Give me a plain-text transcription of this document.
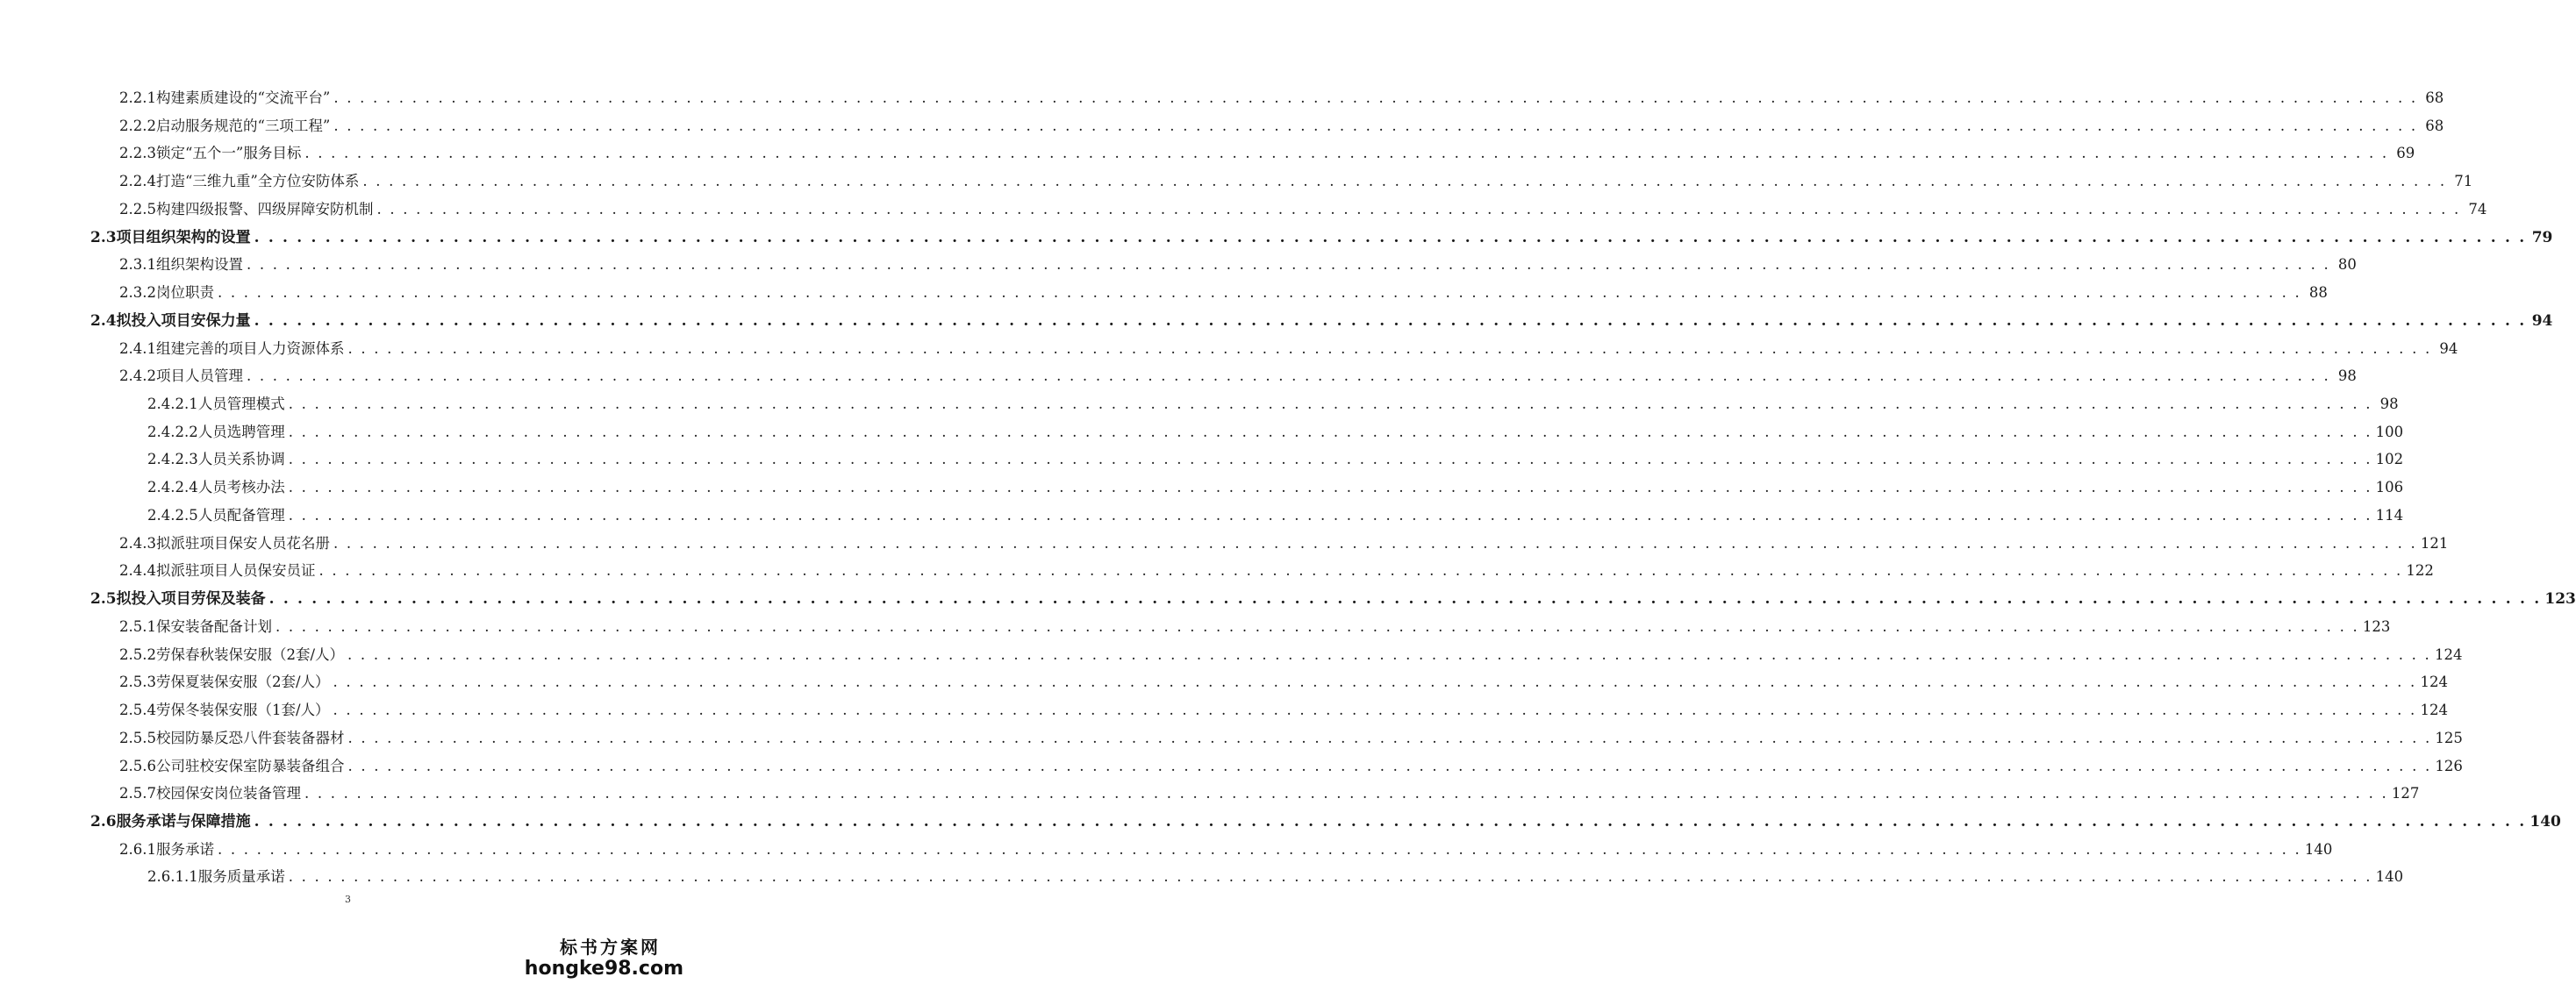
2.2.1构建素质建设的“交流平台” . . . . . . . . . . . . . . . . . . . . . . . . . . . . . . . . . . . . . . . . . . . . . . . . . . . . . . . . . . . . . . . . . . . . . . . . . . . . . . . . . . . . . . . . . . . . . . . . . . . . . . . . . . . . . . . . . . . . . . . . . . . . . . . . . . . . . . . . . . . . . . . . . . . . . . . . . . . . . . . . 68
2.2.2启动服务规范的“三项工程” . . . . . . . . . . . . . . . . . . . . . . . . . . . . . . . . . . . . . . . . . . . . . . . . . . . . . . . . . . . . . . . . . . . . . . . . . . . . . . . . . . . . . . . . . . . . . . . . . . . . . . . . . . . . . . . . . . . . . . . . . . . . . . . . . . . . . . . . . . . . . . . . . . . . . . . . . . . . . . . . 68
2.2.3锁定“五个一”服务目标 . . . . . . . . . . . . . . . . . . . . . . . . . . . . . . . . . . . . . . . . . . . . . . . . . . . . . . . . . . . . . . . . . . . . . . . . . . . . . . . . . . . . . . . . . . . . . . . . . . . . . . . . . . . . . . . . . . . . . . . . . . . . . . . . . . . . . . . . . . . . . . . . . . . . . . . . . . . . . . . . 69
2.2.4打造“三维九重”全方位安防体系 . . . . . . . . . . . . . . . . . . . . . . . . . . . . . . . . . . . . . . . . . . . . . . . . . . . . . . . . . . . . . . . . . . . . . . . . . . . . . . . . . . . . . . . . . . . . . . . . . . . . . . . . . . . . . . . . . . . . . . . . . . . . . . . . . . . . . . . . . . . . . . . . . . . . . . . . . . . . . . . . 71
2.2.5构建四级报警、四级屏障安防机制 . . . . . . . . . . . . . . . . . . . . . . . . . . . . . . . . . . . . . . . . . . . . . . . . . . . . . . . . . . . . . . . . . . . . . . . . . . . . . . . . . . . . . . . . . . . . . . . . . . . . . . . . . . . . . . . . . . . . . . . . . . . . . . . . . . . . . . . . . . . . . . . . . . . . . . . . . . . . . . . . 74
2.3项目组织架构的设置 . . . . . . . . . . . . . . . . . . . . . . . . . . . . . . . . . . . . . . . . . . . . . . . . . . . . . . . . . . . . . . . . . . . . . . . . . . . . . . . . . . . . . . . . . . . . . . . . . . . . . . . . . . . . . . . . . . . . . . . . . . . . . . . . . . . . . . . . . . . . . . . . . . . . . . . . . . . . . . . . 79
2.3.1组织架构设置 . . . . . . . . . . . . . . . . . . . . . . . . . . . . . . . . . . . . . . . . . . . . . . . . . . . . . . . . . . . . . . . . . . . . . . . . . . . . . . . . . . . . . . . . . . . . . . . . . . . . . . . . . . . . . . . . . . . . . . . . . . . . . . . . . . . . . . . . . . . . . . . . . . . . . . . . . . . . . . . . 80
2.3.2岗位职责 . . . . . . . . . . . . . . . . . . . . . . . . . . . . . . . . . . . . . . . . . . . . . . . . . . . . . . . . . . . . . . . . . . . . . . . . . . . . . . . . . . . . . . . . . . . . . . . . . . . . . . . . . . . . . . . . . . . . . . . . . . . . . . . . . . . . . . . . . . . . . . . . . . . . . . . . . . . . . . . . 88
2.4拟投入项目安保力量 . . . . . . . . . . . . . . . . . . . . . . . . . . . . . . . . . . . . . . . . . . . . . . . . . . . . . . . . . . . . . . . . . . . . . . . . . . . . . . . . . . . . . . . . . . . . . . . . . . . . . . . . . . . . . . . . . . . . . . . . . . . . . . . . . . . . . . . . . . . . . . . . . . . . . . . . . . . . . . . . 94
2.4.1组建完善的项目人力资源体系 . . . . . . . . . . . . . . . . . . . . . . . . . . . . . . . . . . . . . . . . . . . . . . . . . . . . . . . . . . . . . . . . . . . . . . . . . . . . . . . . . . . . . . . . . . . . . . . . . . . . . . . . . . . . . . . . . . . . . . . . . . . . . . . . . . . . . . . . . . . . . . . . . . . . . . . . . . . . . . . . 94
2.4.2项目人员管理 . . . . . . . . . . . . . . . . . . . . . . . . . . . . . . . . . . . . . . . . . . . . . . . . . . . . . . . . . . . . . . . . . . . . . . . . . . . . . . . . . . . . . . . . . . . . . . . . . . . . . . . . . . . . . . . . . . . . . . . . . . . . . . . . . . . . . . . . . . . . . . . . . . . . . . . . . . . . . . . . 98
2.4.2.1人员管理模式 . . . . . . . . . . . . . . . . . . . . . . . . . . . . . . . . . . . . . . . . . . . . . . . . . . . . . . . . . . . . . . . . . . . . . . . . . . . . . . . . . . . . . . . . . . . . . . . . . . . . . . . . . . . . . . . . . . . . . . . . . . . . . . . . . . . . . . . . . . . . . . . . . . . . . . . . . . . . . . . . 98
2.4.2.2人员选聘管理 . . . . . . . . . . . . . . . . . . . . . . . . . . . . . . . . . . . . . . . . . . . . . . . . . . . . . . . . . . . . . . . . . . . . . . . . . . . . . . . . . . . . . . . . . . . . . . . . . . . . . . . . . . . . . . . . . . . . . . . . . . . . . . . . . . . . . . . . . . . . . . . . . . . . . . . . . . . . . . . . 100
2.4.2.3人员关系协调 . . . . . . . . . . . . . . . . . . . . . . . . . . . . . . . . . . . . . . . . . . . . . . . . . . . . . . . . . . . . . . . . . . . . . . . . . . . . . . . . . . . . . . . . . . . . . . . . . . . . . . . . . . . . . . . . . . . . . . . . . . . . . . . . . . . . . . . . . . . . . . . . . . . . . . . . . . . . . . . . 102
2.4.2.4人员考核办法 . . . . . . . . . . . . . . . . . . . . . . . . . . . . . . . . . . . . . . . . . . . . . . . . . . . . . . . . . . . . . . . . . . . . . . . . . . . . . . . . . . . . . . . . . . . . . . . . . . . . . . . . . . . . . . . . . . . . . . . . . . . . . . . . . . . . . . . . . . . . . . . . . . . . . . . . . . . . . . . . 106
2.4.2.5人员配备管理 . . . . . . . . . . . . . . . . . . . . . . . . . . . . . . . . . . . . . . . . . . . . . . . . . . . . . . . . . . . . . . . . . . . . . . . . . . . . . . . . . . . . . . . . . . . . . . . . . . . . . . . . . . . . . . . . . . . . . . . . . . . . . . . . . . . . . . . . . . . . . . . . . . . . . . . . . . . . . . . . 114
2.4.3拟派驻项目保安人员花名册 . . . . . . . . . . . . . . . . . . . . . . . . . . . . . . . . . . . . . . . . . . . . . . . . . . . . . . . . . . . . . . . . . . . . . . . . . . . . . . . . . . . . . . . . . . . . . . . . . . . . . . . . . . . . . . . . . . . . . . . . . . . . . . . . . . . . . . . . . . . . . . . . . . . . . . . . . . . . . . . . 121
2.4.4拟派驻项目人员保安员证 . . . . . . . . . . . . . . . . . . . . . . . . . . . . . . . . . . . . . . . . . . . . . . . . . . . . . . . . . . . . . . . . . . . . . . . . . . . . . . . . . . . . . . . . . . . . . . . . . . . . . . . . . . . . . . . . . . . . . . . . . . . . . . . . . . . . . . . . . . . . . . . . . . . . . . . . . . . . . . . . 122
2.5拟投入项目劳保及装备 . . . . . . . . . . . . . . . . . . . . . . . . . . . . . . . . . . . . . . . . . . . . . . . . . . . . . . . . . . . . . . . . . . . . . . . . . . . . . . . . . . . . . . . . . . . . . . . . . . . . . . . . . . . . . . . . . . . . . . . . . . . . . . . . . . . . . . . . . . . . . . . . . . . . . . . . . . . . . . . . 123
2.5.1保安装备配备计划 . . . . . . . . . . . . . . . . . . . . . . . . . . . . . . . . . . . . . . . . . . . . . . . . . . . . . . . . . . . . . . . . . . . . . . . . . . . . . . . . . . . . . . . . . . . . . . . . . . . . . . . . . . . . . . . . . . . . . . . . . . . . . . . . . . . . . . . . . . . . . . . . . . . . . . . . . . . . . . . . 123
2.5.2劳保春秋装保安服（2套/人） . . . . . . . . . . . . . . . . . . . . . . . . . . . . . . . . . . . . . . . . . . . . . . . . . . . . . . . . . . . . . . . . . . . . . . . . . . . . . . . . . . . . . . . . . . . . . . . . . . . . . . . . . . . . . . . . . . . . . . . . . . . . . . . . . . . . . . . . . . . . . . . . . . . . . . . . . . . . . . . . 124
2.5.3劳保夏装保安服（2套/人） . . . . . . . . . . . . . . . . . . . . . . . . . . . . . . . . . . . . . . . . . . . . . . . . . . . . . . . . . . . . . . . . . . . . . . . . . . . . . . . . . . . . . . . . . . . . . . . . . . . . . . . . . . . . . . . . . . . . . . . . . . . . . . . . . . . . . . . . . . . . . . . . . . . . . . . . . . . . . . . . 124
2.5.4劳保冬装保安服（1套/人） . . . . . . . . . . . . . . . . . . . . . . . . . . . . . . . . . . . . . . . . . . . . . . . . . . . . . . . . . . . . . . . . . . . . . . . . . . . . . . . . . . . . . . . . . . . . . . . . . . . . . . . . . . . . . . . . . . . . . . . . . . . . . . . . . . . . . . . . . . . . . . . . . . . . . . . . . . . . . . . . 124
2.5.5校园防暴反恐八件套装备器材 . . . . . . . . . . . . . . . . . . . . . . . . . . . . . . . . . . . . . . . . . . . . . . . . . . . . . . . . . . . . . . . . . . . . . . . . . . . . . . . . . . . . . . . . . . . . . . . . . . . . . . . . . . . . . . . . . . . . . . . . . . . . . . . . . . . . . . . . . . . . . . . . . . . . . . . . . . . . . . . . 125
2.5.6公司驻校安保室防暴装备组合 . . . . . . . . . . . . . . . . . . . . . . . . . . . . . . . . . . . . . . . . . . . . . . . . . . . . . . . . . . . . . . . . . . . . . . . . . . . . . . . . . . . . . . . . . . . . . . . . . . . . . . . . . . . . . . . . . . . . . . . . . . . . . . . . . . . . . . . . . . . . . . . . . . . . . . . . . . . . . . . . 126
2.5.7校园保安岗位装备管理 . . . . . . . . . . . . . . . . . . . . . . . . . . . . . . . . . . . . . . . . . . . . . . . . . . . . . . . . . . . . . . . . . . . . . . . . . . . . . . . . . . . . . . . . . . . . . . . . . . . . . . . . . . . . . . . . . . . . . . . . . . . . . . . . . . . . . . . . . . . . . . . . . . . . . . . . . . . . . . . . 127
2.6服务承诺与保障措施 . . . . . . . . . . . . . . . . . . . . . . . . . . . . . . . . . . . . . . . . . . . . . . . . . . . . . . . . . . . . . . . . . . . . . . . . . . . . . . . . . . . . . . . . . . . . . . . . . . . . . . . . . . . . . . . . . . . . . . . . . . . . . . . . . . . . . . . . . . . . . . . . . . . . . . . . . . . . . . . . 140
2.6.1服务承诺 . . . . . . . . . . . . . . . . . . . . . . . . . . . . . . . . . . . . . . . . . . . . . . . . . . . . . . . . . . . . . . . . . . . . . . . . . . . . . . . . . . . . . . . . . . . . . . . . . . . . . . . . . . . . . . . . . . . . . . . . . . . . . . . . . . . . . . . . . . . . . . . . . . . . . . . . . . . . . . . . 140
2.6.1.1服务质量承诺 . . . . . . . . . . . . . . . . . . . . . . . . . . . . . . . . . . . . . . . . . . . . . . . . . . . . . . . . . . . . . . . . . . . . . . . . . . . . . . . . . . . . . . . . . . . . . . . . . . . . . . . . . . . . . . . . . . . . . . . . . . . . . . . . . . . . . . . . . . . . . . . . . . . . . . . . . . . . . . . . 140
3
标书方案网
hongke98.com
